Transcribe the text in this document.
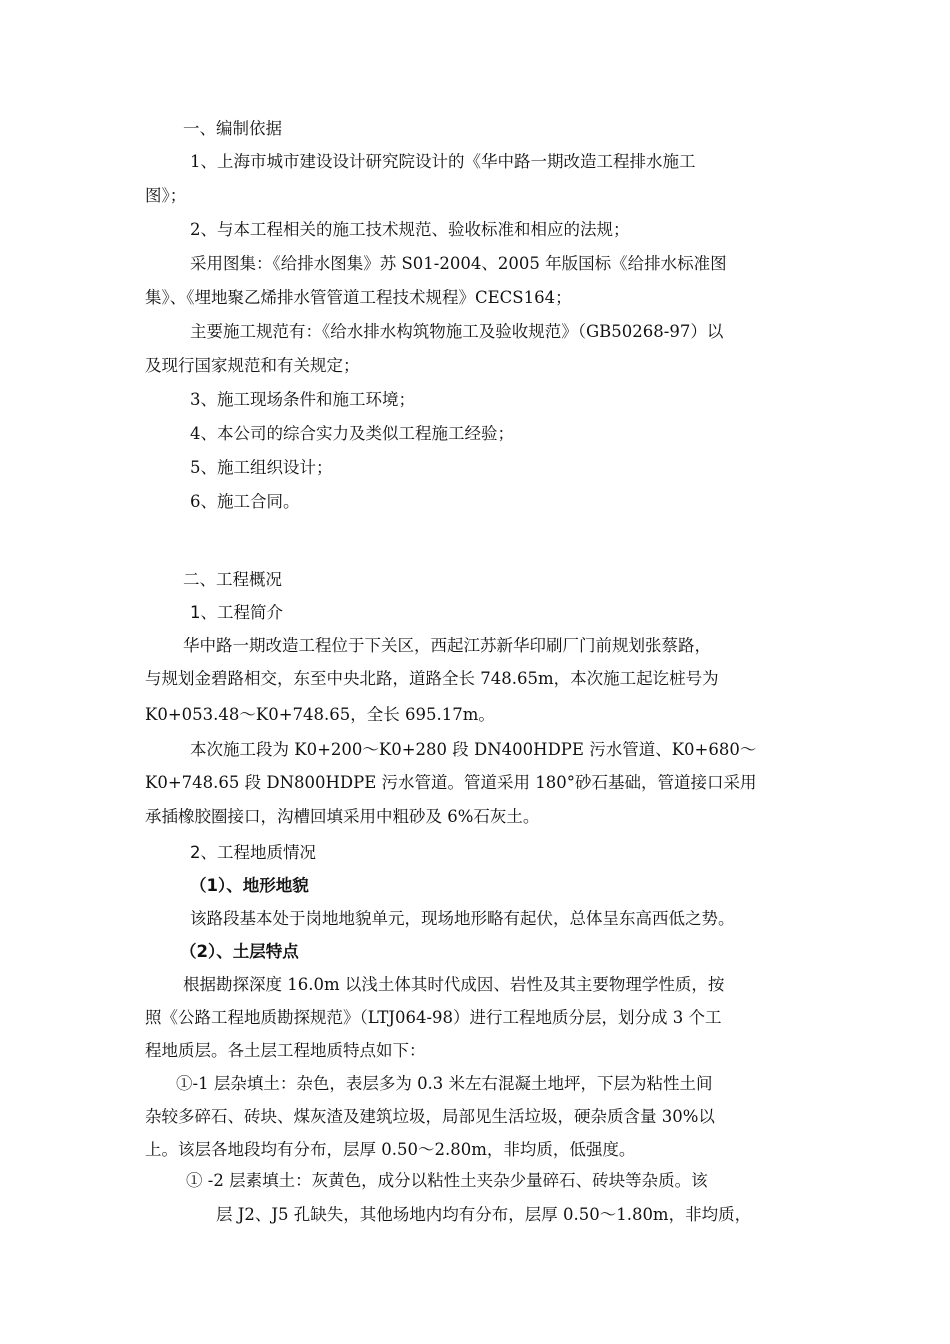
一、编制依据
1、上海市城市建设设计研究院设计的《华中路一期改造工程排水施工
图》；
2、与本工程相关的施工技术规范、验收标准和相应的法规；
采用图集：《给排水图集》苏 S01-2004、2005 年版国标《给排水标准图
集》、《埋地聚乙烯排水管管道工程技术规程》CECS164；
主要施工规范有：《给水排水构筑物施工及验收规范》（GB50268-97）以
及现行国家规范和有关规定；
3、施工现场条件和施工环境；
4、本公司的综合实力及类似工程施工经验；
5、施工组织设计；
6、施工合同。
二、工程概况
1、工程简介
华中路一期改造工程位于下关区，西起江苏新华印刷厂门前规划张蔡路，
与规划金碧路相交，东至中央北路，道路全长 748.65m，本次施工起讫桩号为
K0+053.48～K0+748.65，全长 695.17m。
本次施工段为 K0+200～K0+280 段 DN400HDPE 污水管道、K0+680～
K0+748.65 段 DN800HDPE 污水管道。管道采用 180°砂石基础，管道接口采用
承插橡胶圈接口，沟槽回填采用中粗砂及 6%石灰土。
2、工程地质情况
（1）、地形地貌
该路段基本处于岗地地貌单元，现场地形略有起伏，总体呈东高西低之势。
（2）、土层特点
根据勘探深度 16.0m 以浅土体其时代成因、岩性及其主要物理学性质，按
照《公路工程地质勘探规范》（LTJ064-98）进行工程地质分层，划分成 3 个工
程地质层。各土层工程地质特点如下：
①-1 层杂填土：杂色，表层多为 0.3 米左右混凝土地坪，下层为粘性土间
杂较多碎石、砖块、煤灰渣及建筑垃圾，局部见生活垃圾，硬杂质含量 30%以
上。该层各地段均有分布，层厚 0.50～2.80m，非均质，低强度。
① -2 层素填土：灰黄色，成分以粘性土夹杂少量碎石、砖块等杂质。该
层 J2、J5 孔缺失，其他场地内均有分布，层厚 0.50～1.80m，非均质，
